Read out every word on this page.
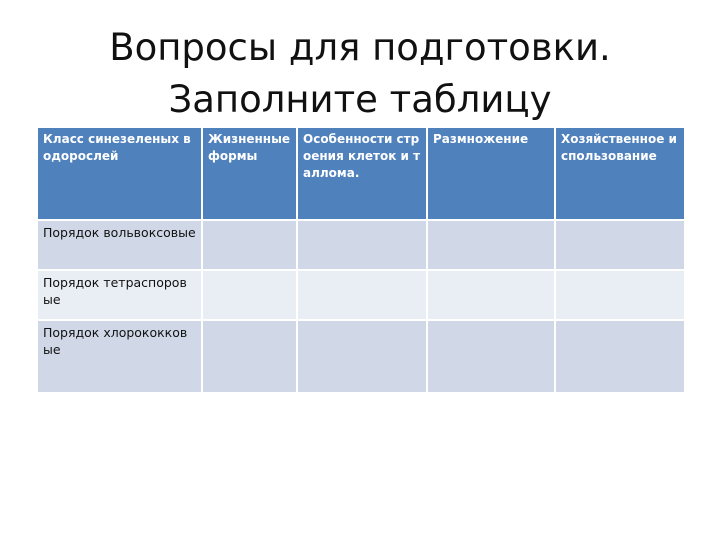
Вопросы для подготовки.
Заполните таблицу
Класс синезеленых водорослей	Жизненные формы	Особенности строения клеток и таллома.	Размножение	Хозяйственное использование
Порядок вольвоксовые				
Порядок тетраспоровые				
Порядок хлорококковые				
